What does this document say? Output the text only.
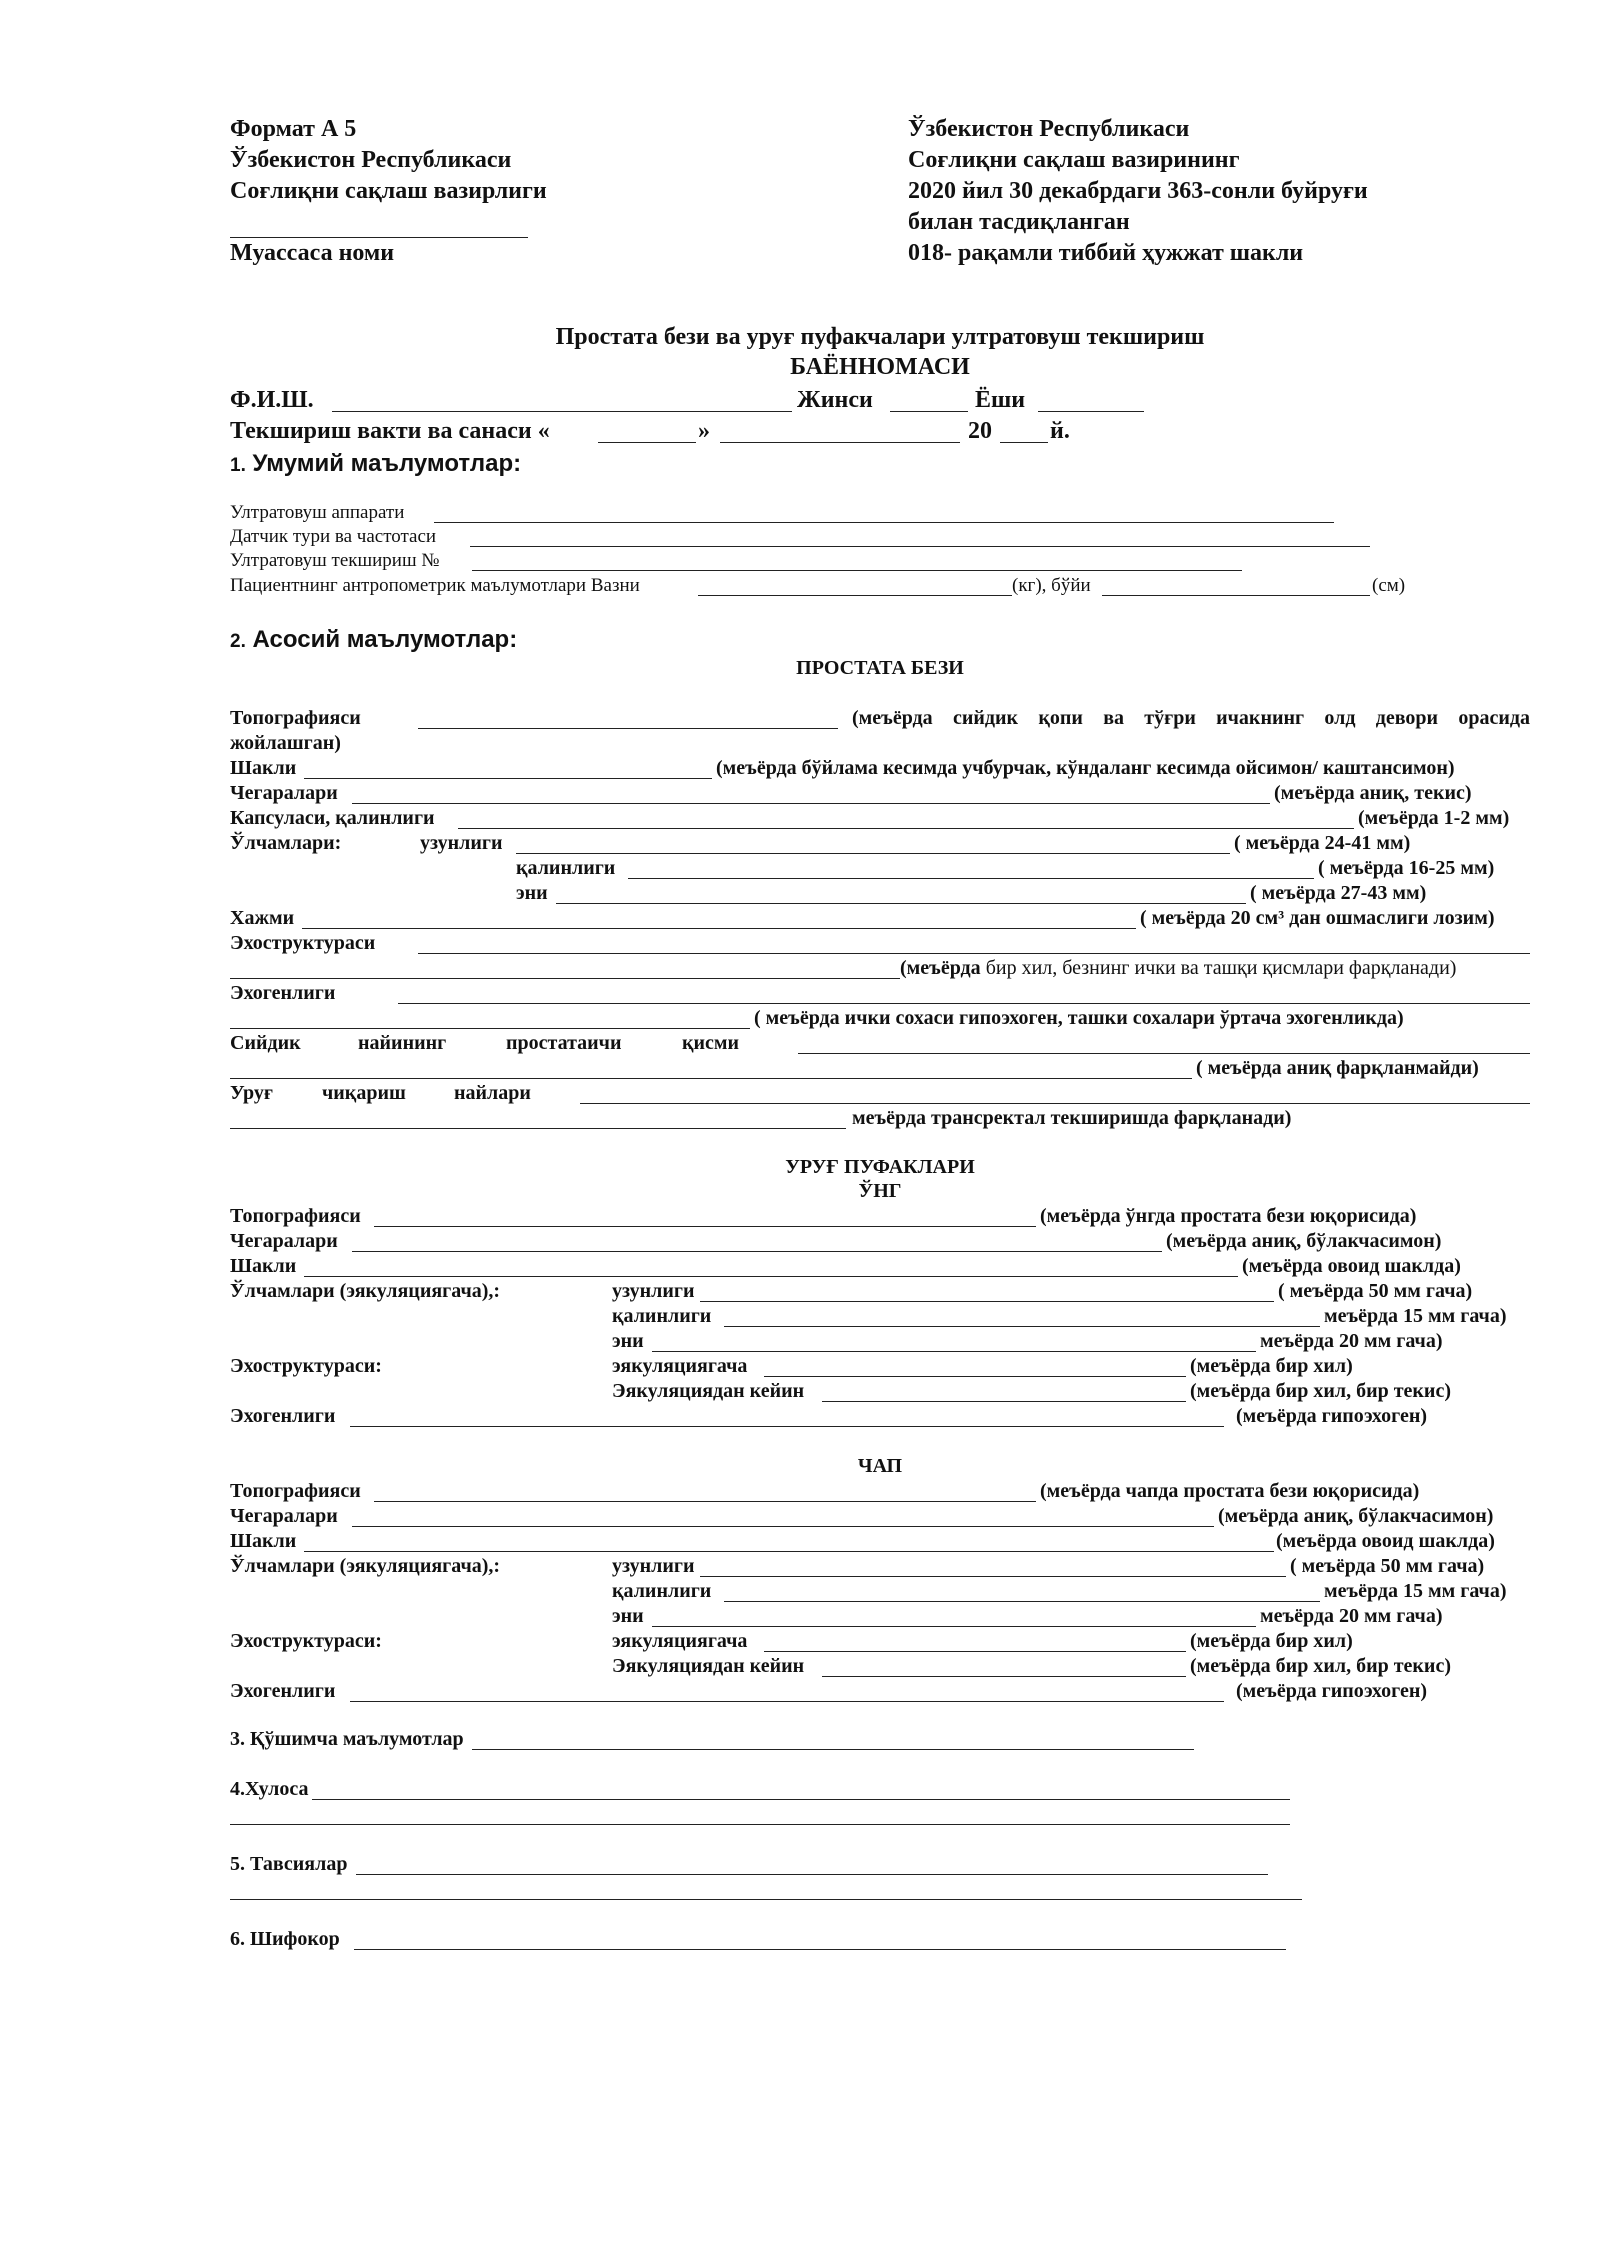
Формат А 5
Ўзбекистон Республикаси
Соғлиқни сақлаш вазирлиги
Муассаса номи
Ўзбекистон Республикаси
Соғлиқни сақлаш вазирининг
2020 йил 30 декабрдаги 363-сонли буйруғи
билан тасдиқланган
018- рақамли тиббий ҳужжат шакли
Простата бези ва уруғ пуфакчалари ултратовуш текшириш
БАЁННОМАСИ
Ф.И.Ш.	Жинси	Ёши
Текшириш вакти ва санаси «	»	20 й.
1. Умумий маълумотлар:
Ултратовуш аппарати
Датчик тури ва частотаси
Ултратовуш текшириш №
Пациентнинг антропометрик маълумотлари Вазни	(кг), бўйи	(см)
2. Асосий маълумотлар:
ПРОСТАТА БЕЗИ
Топографияси	(меъёрда сийдик қопи ва тўғри ичакнинг олд девори орасида
жойлашган)
Шакли	(меъёрда бўйлама кесимда учбурчак, кўндаланг кесимда ойсимон/ каштансимон)
Чегаралари	(меъёрда аниқ, текис)
Капсуласи, қалинлиги	(меъёрда 1-2 мм)
Ўлчамлари:	узунлиги	( меъёрда 24-41 мм)
қалинлиги	( меъёрда 16-25 мм)
эни	( меъёрда 27-43 мм)
Хажми	( меъёрда 20 см³ дан ошмаслиги лозим)
Эхоструктураси
(меъёрда бир хил, безнинг ички ва ташқи қисмлари фарқланади)
Эхогенлиги
( меъёрда ички сохаси гипоэхоген, ташки сохалари ўртача эхогенликда)
Сийдик	найининг	простатаичи	қисми
( меъёрда аниқ фарқланмайди)
Уруғ чиқариш найлари
меъёрда трансректал текширишда фарқланади)
УРУҒ ПУФАКЛАРИ
ЎНГ
Топографияси	(меъёрда ўнгда простата бези юқорисида)
Чегаралари	(меъёрда аниқ, бўлакчасимон)
Шакли	(меъёрда овоид шаклда)
Ўлчамлари (эякуляциягача),:	узунлиги	( меъёрда 50 мм гача)
қалинлиги	меъёрда 15 мм гача)
эни	меъёрда 20 мм гача)
Эхоструктураси:	эякуляциягача	(меъёрда бир хил)
Эякуляциядан кейин	(меъёрда бир хил, бир текис)
Эхогенлиги	(меъёрда гипоэхоген)
ЧАП
Топографияси	(меъёрда чапда простата бези юқорисида)
Чегаралари	(меъёрда аниқ, бўлакчасимон)
Шакли	(меъёрда овоид шаклда)
Ўлчамлари (эякуляциягача),:	узунлиги	( меъёрда 50 мм гача)
қалинлиги	меъёрда 15 мм гача)
эни	меъёрда 20 мм гача)
Эхоструктураси:	эякуляциягача	(меъёрда бир хил)
Эякуляциядан кейин	(меъёрда бир хил, бир текис)
Эхогенлиги	(меъёрда гипоэхоген)
3. Қўшимча маълумотлар
4.Хулоса
5. Тавсиялар
6. Шифокор
